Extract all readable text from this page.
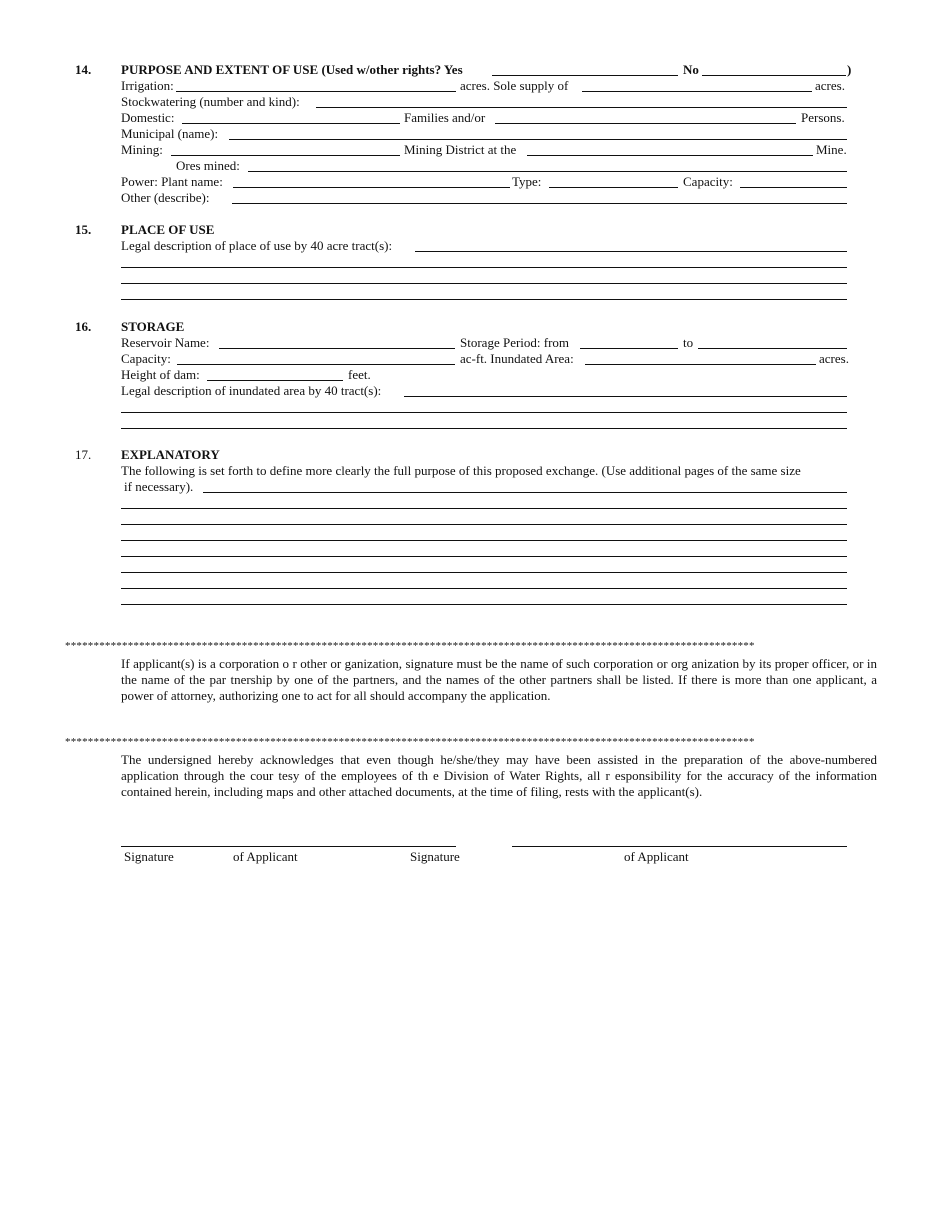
14. PURPOSE AND EXTENT OF USE (Used w/other rights? Yes	No	)
Irrigation:	acres. Sole supply of	acres.
Stockwatering (number and kind):
Domestic:	Families and/or	Persons.
Municipal (name):
Mining:	Mining District at the	Mine.
Ores mined:
Power: Plant name:	Type:	Capacity:
Other (describe):
15. PLACE OF USE
Legal description of place of use by 40 acre tract(s):
16. STORAGE
Reservoir Name:	Storage Period: from	to
Capacity:	ac-ft. Inundated Area:	acres.
Height of dam:	feet.
Legal description of inundated area by 40 tract(s):
17. EXPLANATORY
The following is set forth to define more clearly the full purpose of this proposed exchange. (Use additional pages of the same size
if necessary).
*************************************************************************************************************************
If applicant(s) is a corporation o r other or ganization, signature must be the name of such corporation or org anization by its proper officer, or in the name of the par tnership by one of the partners, and the names of the other partners shall be listed. If there is more than one applicant, a power of attorney, authorizing one to act for all should accompany the application.
*************************************************************************************************************************
The undersigned hereby acknowledges that even though he/she/they may have been assisted in the preparation of the above-numbered application through the cour tesy of the employees of th e Division of Water Rights, all r esponsibility for the accuracy of the information contained herein, including maps and other attached documents, at the time of filing, rests with the applicant(s).
Signature	of Applicant	Signature	of Applicant
